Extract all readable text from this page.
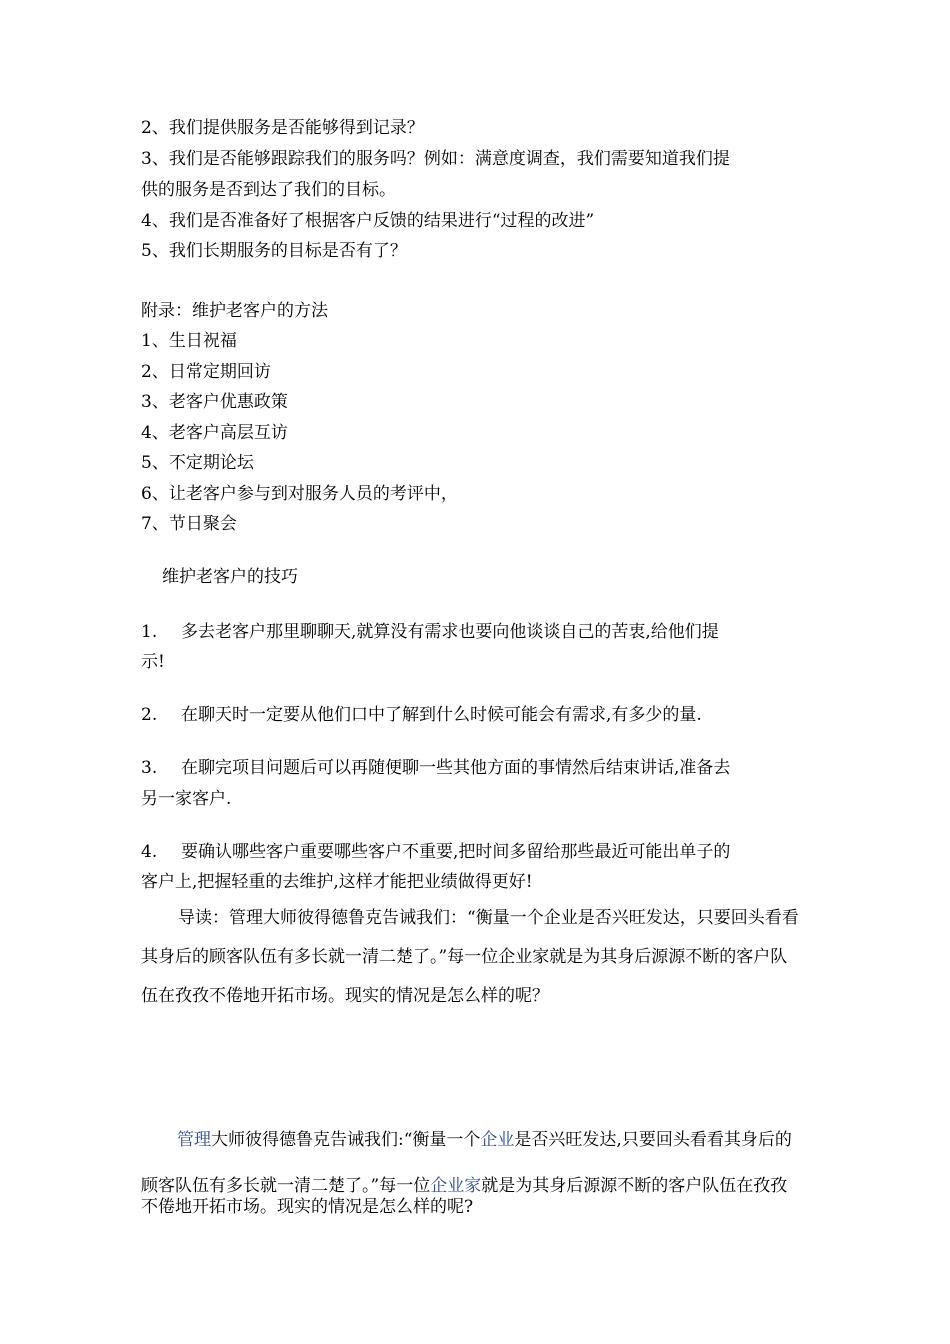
2、我们提供服务是否能够得到记录？
3、我们是否能够跟踪我们的服务吗？例如：满意度调查，我们需要知道我们提
供的服务是否到达了我们的目标。
4、我们是否准备好了根据客户反馈的结果进行“过程的改进”
5、我们长期服务的目标是否有了？
附录：维护老客户的方法
1、生日祝福
2、日常定期回访
3、老客户优惠政策
4、老客户高层互访
5、不定期论坛
6、让老客户参与到对服务人员的考评中，
7、节日聚会
维护老客户的技巧
1. 多去老客户那里聊聊天,就算没有需求也要向他谈谈自己的苦衷,给他们提
示!
2. 在聊天时一定要从他们口中了解到什么时候可能会有需求,有多少的量.
3. 在聊完项目问题后可以再随便聊一些其他方面的事情然后结束讲话,准备去
另一家客户.
4. 要确认哪些客户重要哪些客户不重要,把时间多留给那些最近可能出单子的
客户上,把握轻重的去维护,这样才能把业绩做得更好!
导读：管理大师彼得德鲁克告诫我们：“衡量一个企业是否兴旺发达，只要回头看看
其身后的顾客队伍有多长就一清二楚了。”每一位企业家就是为其身后源源不断的客户队
伍在孜孜不倦地开拓市场。现实的情况是怎么样的呢？
管理大师彼得德鲁克告诫我们:“衡量一个企业是否兴旺发达,只要回头看看其身后的
顾客队伍有多长就一清二楚了。”每一位企业家就是为其身后源源不断的客户队伍在孜孜
不倦地开拓市场。现实的情况是怎么样的呢?
